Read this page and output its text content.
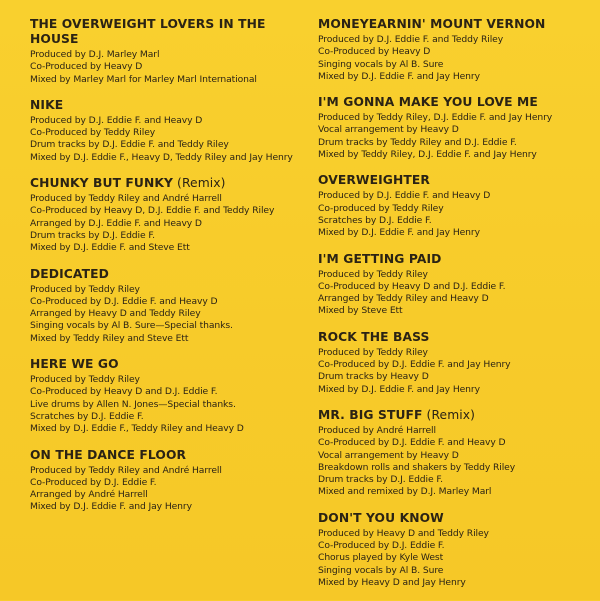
THE OVERWEIGHT LOVERS IN THE HOUSE
Produced by D.J. Marley Marl
Co-Produced by Heavy D
Mixed by Marley Marl for Marley Marl International
NIKE
Produced by D.J. Eddie F. and Heavy D
Co-Produced by Teddy Riley
Drum tracks by D.J. Eddie F. and Teddy Riley
Mixed by D.J. Eddie F., Heavy D, Teddy Riley and Jay Henry
CHUNKY BUT FUNKY (Remix)
Produced by Teddy Riley and André Harrell
Co-Produced by Heavy D, D.J. Eddie F. and Teddy Riley
Arranged by D.J. Eddie F. and Heavy D
Drum tracks by D.J. Eddie F.
Mixed by D.J. Eddie F. and Steve Ett
DEDICATED
Produced by Teddy Riley
Co-Produced by D.J. Eddie F. and Heavy D
Arranged by Heavy D and Teddy Riley
Singing vocals by Al B. Sure—Special thanks.
Mixed by Teddy Riley and Steve Ett
HERE WE GO
Produced by Teddy Riley
Co-Produced by Heavy D and D.J. Eddie F.
Live drums by Allen N. Jones—Special thanks.
Scratches by D.J. Eddie F.
Mixed by D.J. Eddie F., Teddy Riley and Heavy D
ON THE DANCE FLOOR
Produced by Teddy Riley and André Harrell
Co-Produced by D.J. Eddie F.
Arranged by André Harrell
Mixed by D.J. Eddie F. and Jay Henry
MONEYEARNIN' MOUNT VERNON
Produced by D.J. Eddie F. and Teddy Riley
Co-Produced by Heavy D
Singing vocals by Al B. Sure
Mixed by D.J. Eddie F. and Jay Henry
I'M GONNA MAKE YOU LOVE ME
Produced by Teddy Riley, D.J. Eddie F. and Jay Henry
Vocal arrangement by Heavy D
Drum tracks by Teddy Riley and D.J. Eddie F.
Mixed by Teddy Riley, D.J. Eddie F. and Jay Henry
OVERWEIGHTER
Produced by D.J. Eddie F. and Heavy D
Co-produced by Teddy Riley
Scratches by D.J. Eddie F.
Mixed by D.J. Eddie F. and Jay Henry
I'M GETTING PAID
Produced by Teddy Riley
Co-Produced by Heavy D and D.J. Eddie F.
Arranged by Teddy Riley and Heavy D
Mixed by Steve Ett
ROCK THE BASS
Produced by Teddy Riley
Co-Produced by D.J. Eddie F. and Jay Henry
Drum tracks by Heavy D
Mixed by D.J. Eddie F. and Jay Henry
MR. BIG STUFF (Remix)
Produced by André Harrell
Co-Produced by D.J. Eddie F. and Heavy D
Vocal arrangement by Heavy D
Breakdown rolls and shakers by Teddy Riley
Drum tracks by D.J. Eddie F.
Mixed and remixed by D.J. Marley Marl
DON'T YOU KNOW
Produced by Heavy D and Teddy Riley
Co-Produced by D.J. Eddie F.
Chorus played by Kyle West
Singing vocals by Al B. Sure
Mixed by Heavy D and Jay Henry
